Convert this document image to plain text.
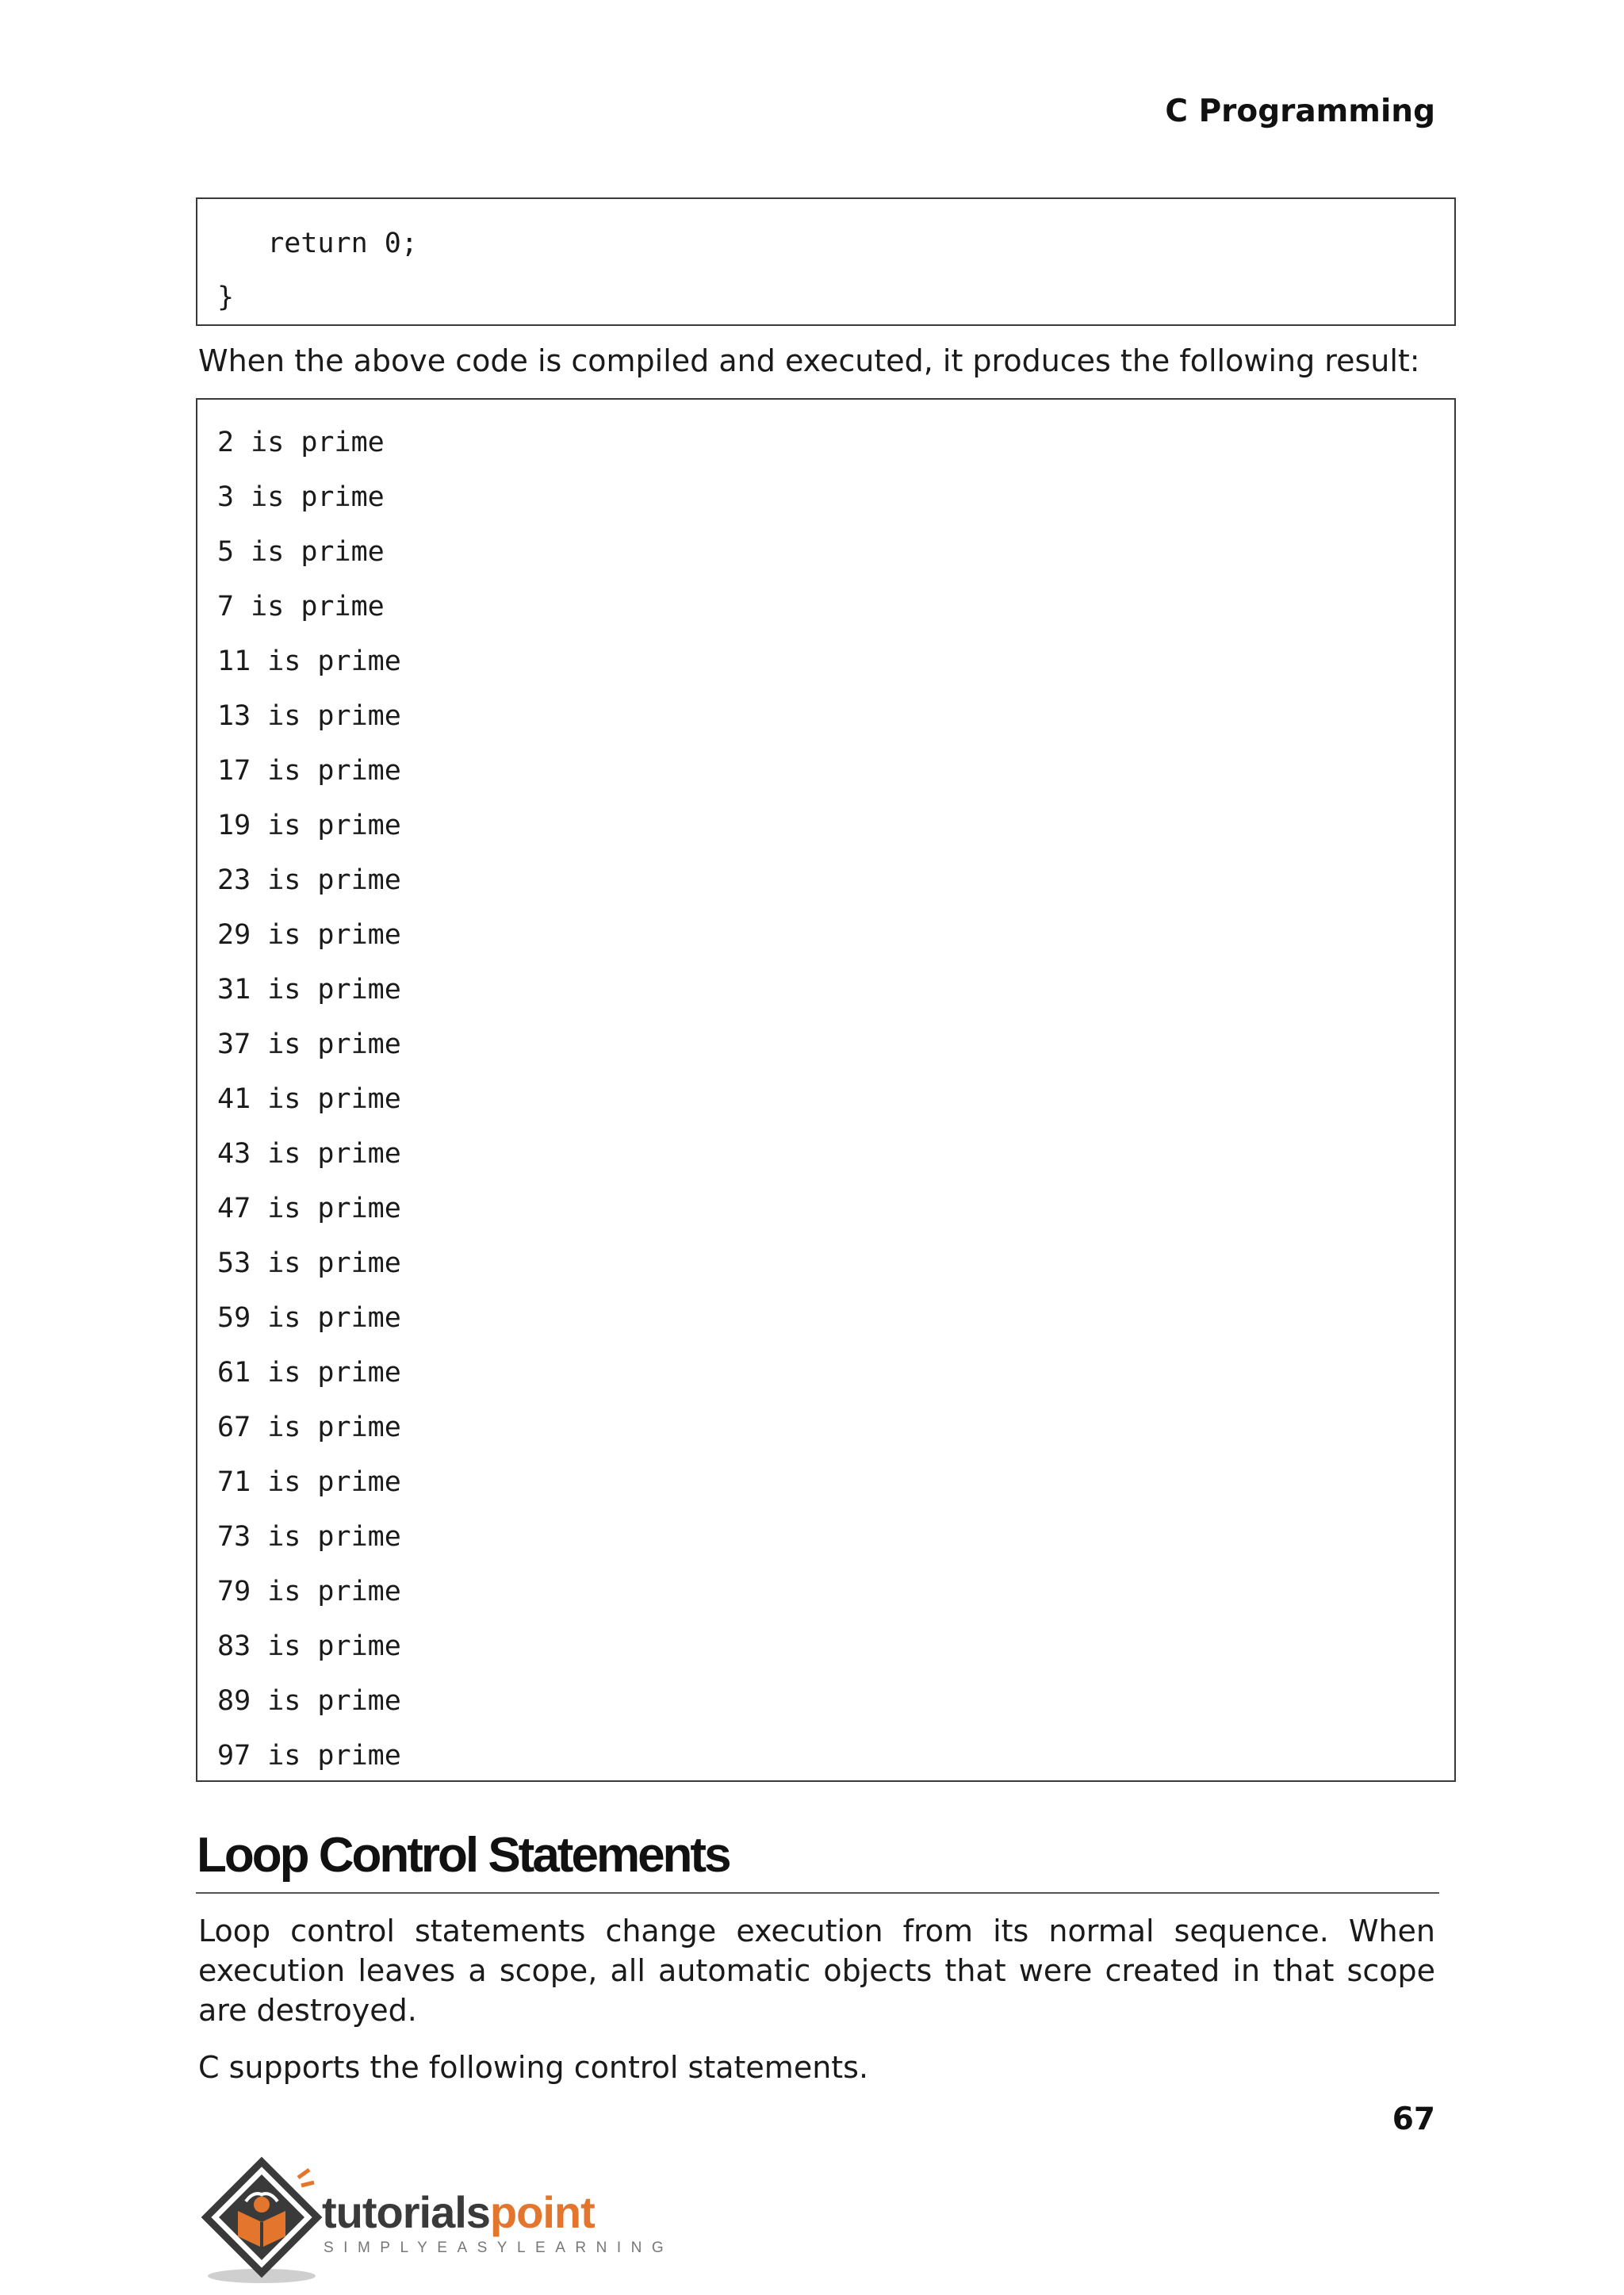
C Programming
return 0;
}
When the above code is compiled and executed, it produces the following result:
2 is prime
3 is prime
5 is prime
7 is prime
11 is prime
13 is prime
17 is prime
19 is prime
23 is prime
29 is prime
31 is prime
37 is prime
41 is prime
43 is prime
47 is prime
53 is prime
59 is prime
61 is prime
67 is prime
71 is prime
73 is prime
79 is prime
83 is prime
89 is prime
97 is prime
Loop Control Statements
Loop control statements change execution from its normal sequence. When execution leaves a scope, all automatic objects that were created in that scope are destroyed.
C supports the following control statements.
67
tutorialspoint
SIMPLYEASYLEARNING
